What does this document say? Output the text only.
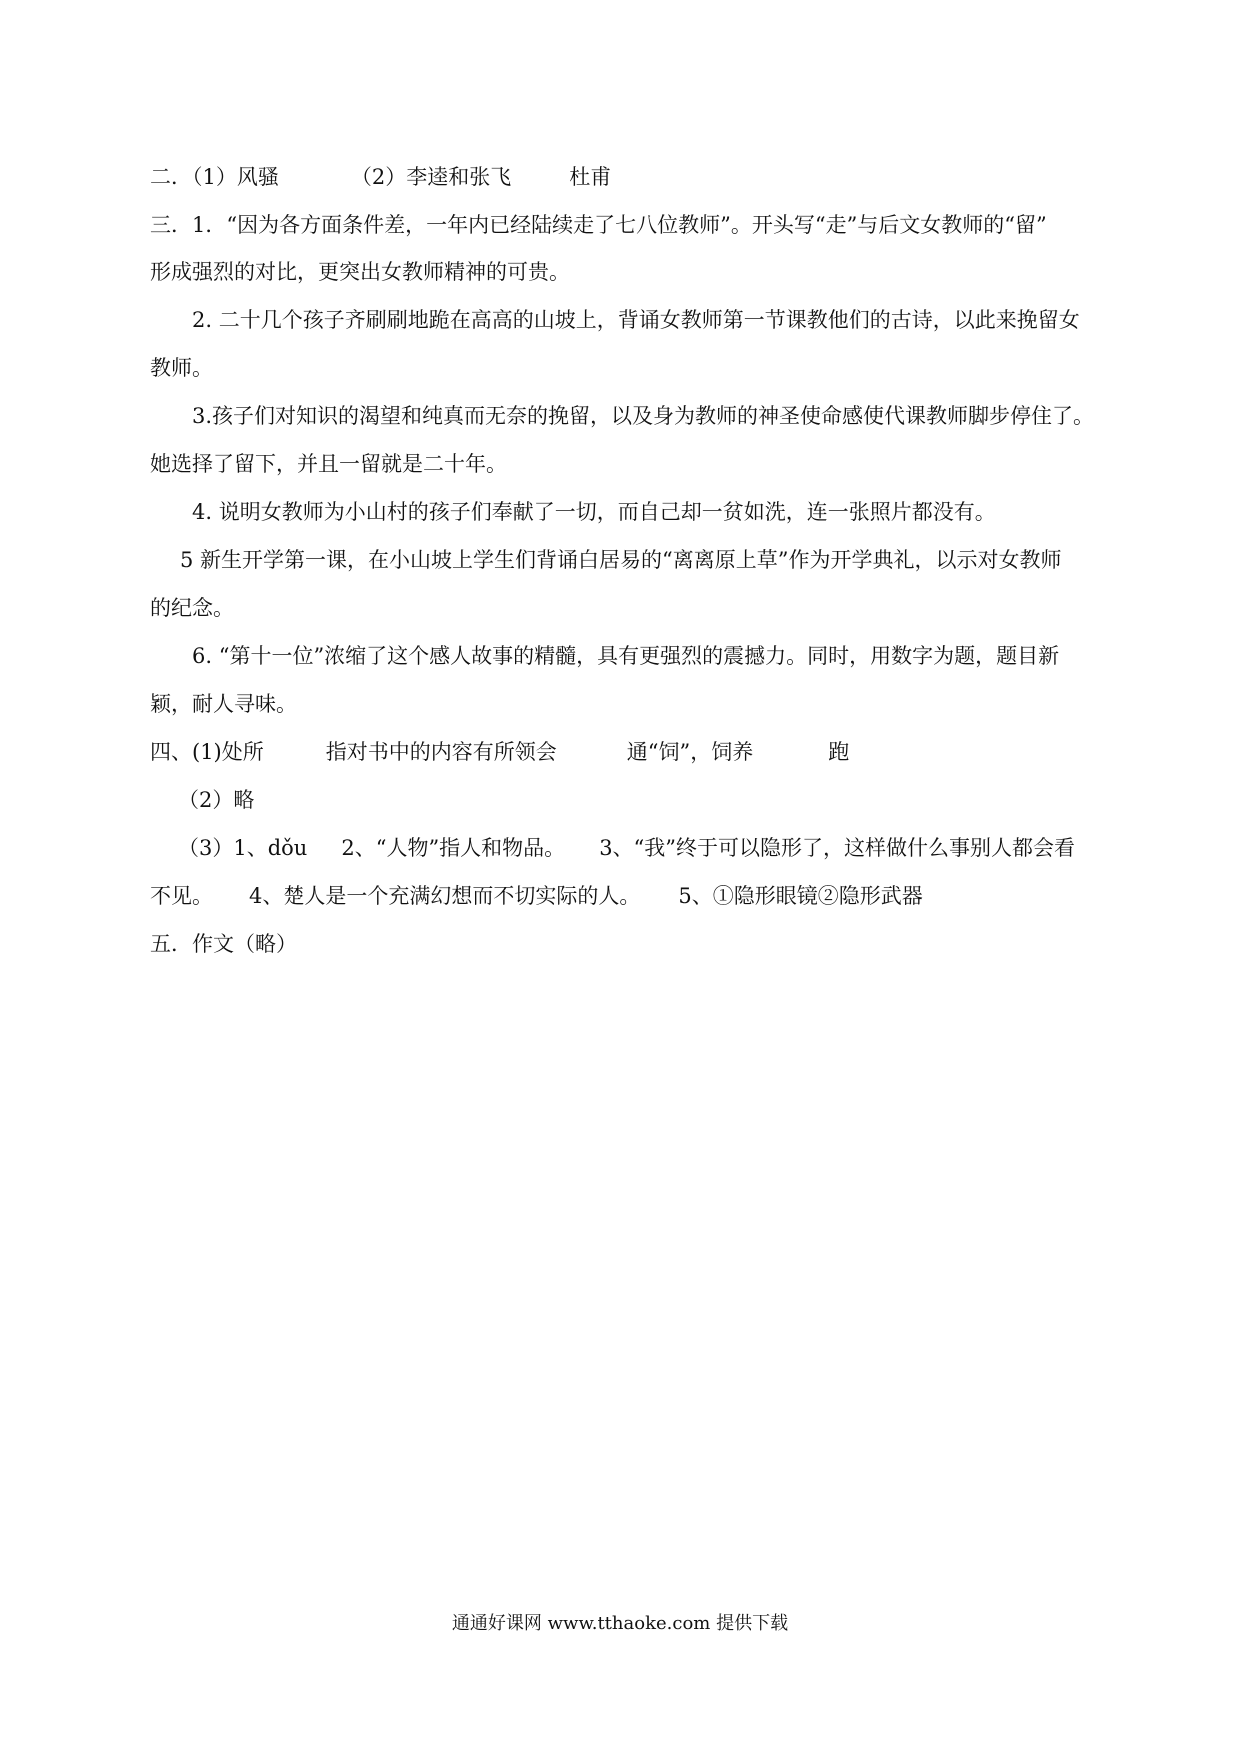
二．（1）风骚	（2）李逵和张飞	杜甫
三．1．“因为各方面条件差，一年内已经陆续走了七八位教师”。开头写“走”与后文女教师的“留”
形成强烈的对比，更突出女教师精神的可贵。
2. 二十几个孩子齐刷刷地跪在高高的山坡上，背诵女教师第一节课教他们的古诗，以此来挽留女
教师。
3.孩子们对知识的渴望和纯真而无奈的挽留，以及身为教师的神圣使命感使代课教师脚步停住了。
她选择了留下，并且一留就是二十年。
4. 说明女教师为小山村的孩子们奉献了一切，而自己却一贫如洗，连一张照片都没有。
5 新生开学第一课，在小山坡上学生们背诵白居易的“离离原上草”作为开学典礼，以示对女教师
的纪念。
6. “第十一位”浓缩了这个感人故事的精髓，具有更强烈的震撼力。同时，用数字为题，题目新
颖，耐人寻味。
四、(1)处所	指对书中的内容有所领会	通“饲”，饲养	跑
（2）略
（3）1、dǒu 2、“人物”指人和物品。 3、“我”终于可以隐形了，这样做什么事别人都会看
不见。 4、楚人是一个充满幻想而不切实际的人。 5、①隐形眼镜②隐形武器
五．作文（略）
通通好课网 www.tthaoke.com 提供下载
